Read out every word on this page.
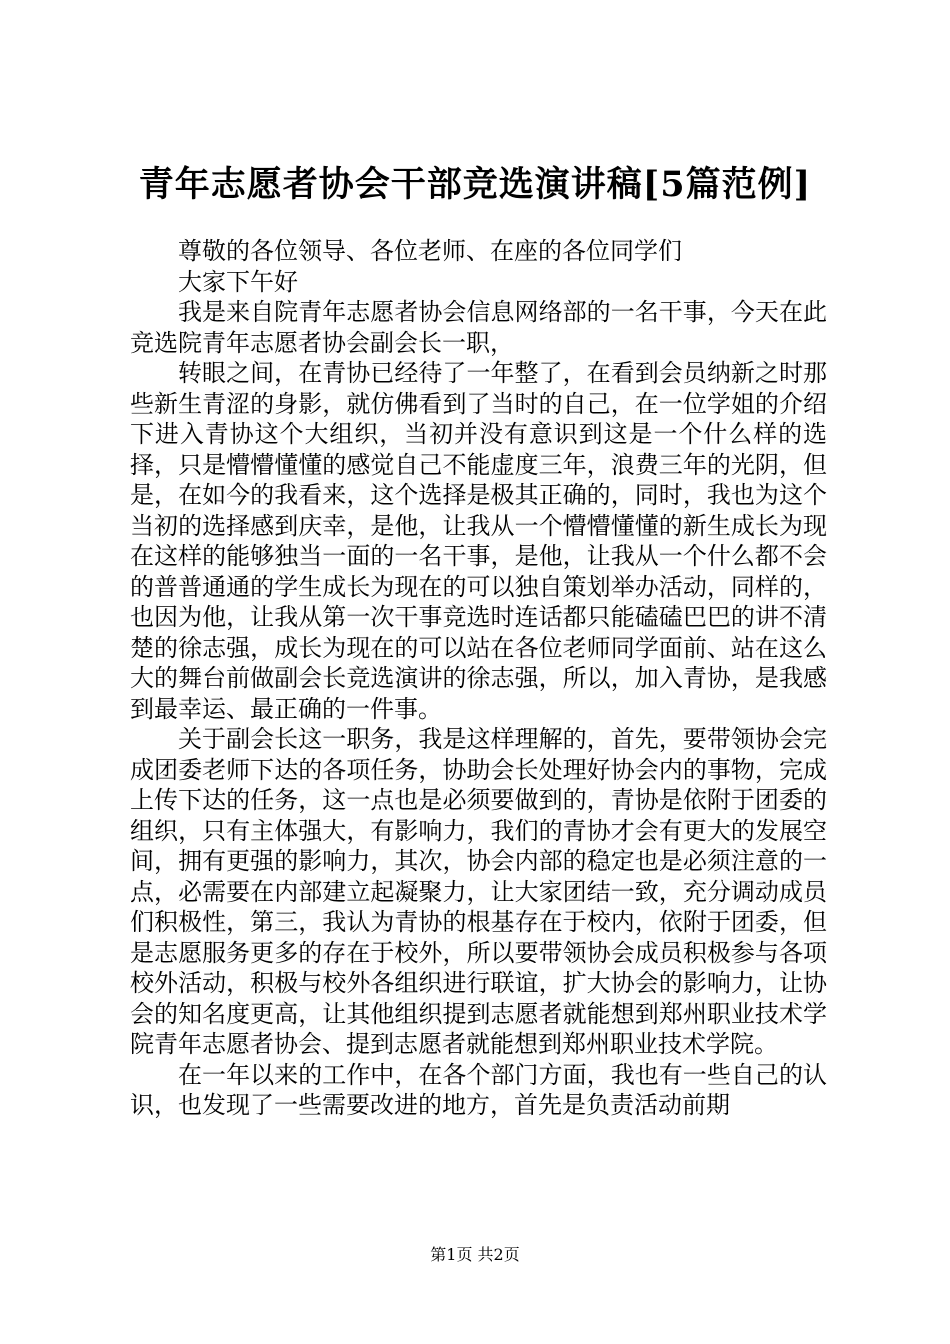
青年志愿者协会干部竞选演讲稿[5篇范例]

尊敬的各位领导、各位老师、在座的各位同学们

大家下午好

我是来自院青年志愿者协会信息网络部的一名干事，今天在此竞选院青年志愿者协会副会长一职，

转眼之间，在青协已经待了一年整了，在看到会员纳新之时那些新生青涩的身影，就仿佛看到了当时的自己，在一位学姐的介绍下进入青协这个大组织，当初并没有意识到这是一个什么样的选择，只是懵懵懂懂的感觉自己不能虚度三年，浪费三年的光阴，但是，在如今的我看来，这个选择是极其正确的，同时，我也为这个当初的选择感到庆幸，是他，让我从一个懵懵懂懂的新生成长为现在这样的能够独当一面的一名干事，是他，让我从一个什么都不会的普普通通的学生成长为现在的可以独自策划举办活动，同样的，也因为他，让我从第一次干事竞选时连话都只能磕磕巴巴的讲不清楚的徐志强，成长为现在的可以站在各位老师同学面前、站在这么大的舞台前做副会长竞选演讲的徐志强，所以，加入青协，是我感到最幸运、最正确的一件事。

关于副会长这一职务，我是这样理解的，首先，要带领协会完成团委老师下达的各项任务，协助会长处理好协会内的事物，完成上传下达的任务，这一点也是必须要做到的，青协是依附于团委的组织，只有主体强大，有影响力，我们的青协才会有更大的发展空间，拥有更强的影响力，其次，协会内部的稳定也是必须注意的一点，必需要在内部建立起凝聚力，让大家团结一致，充分调动成员们积极性，第三，我认为青协的根基存在于校内，依附于团委，但是志愿服务更多的存在于校外，所以要带领协会成员积极参与各项校外活动，积极与校外各组织进行联谊，扩大协会的影响力，让协会的知名度更高，让其他组织提到志愿者就能想到郑州职业技术学院青年志愿者协会、提到志愿者就能想到郑州职业技术学院。

在一年以来的工作中，在各个部门方面，我也有一些自己的认识，也发现了一些需要改进的地方，首先是负责活动前期

第1页 共2页
